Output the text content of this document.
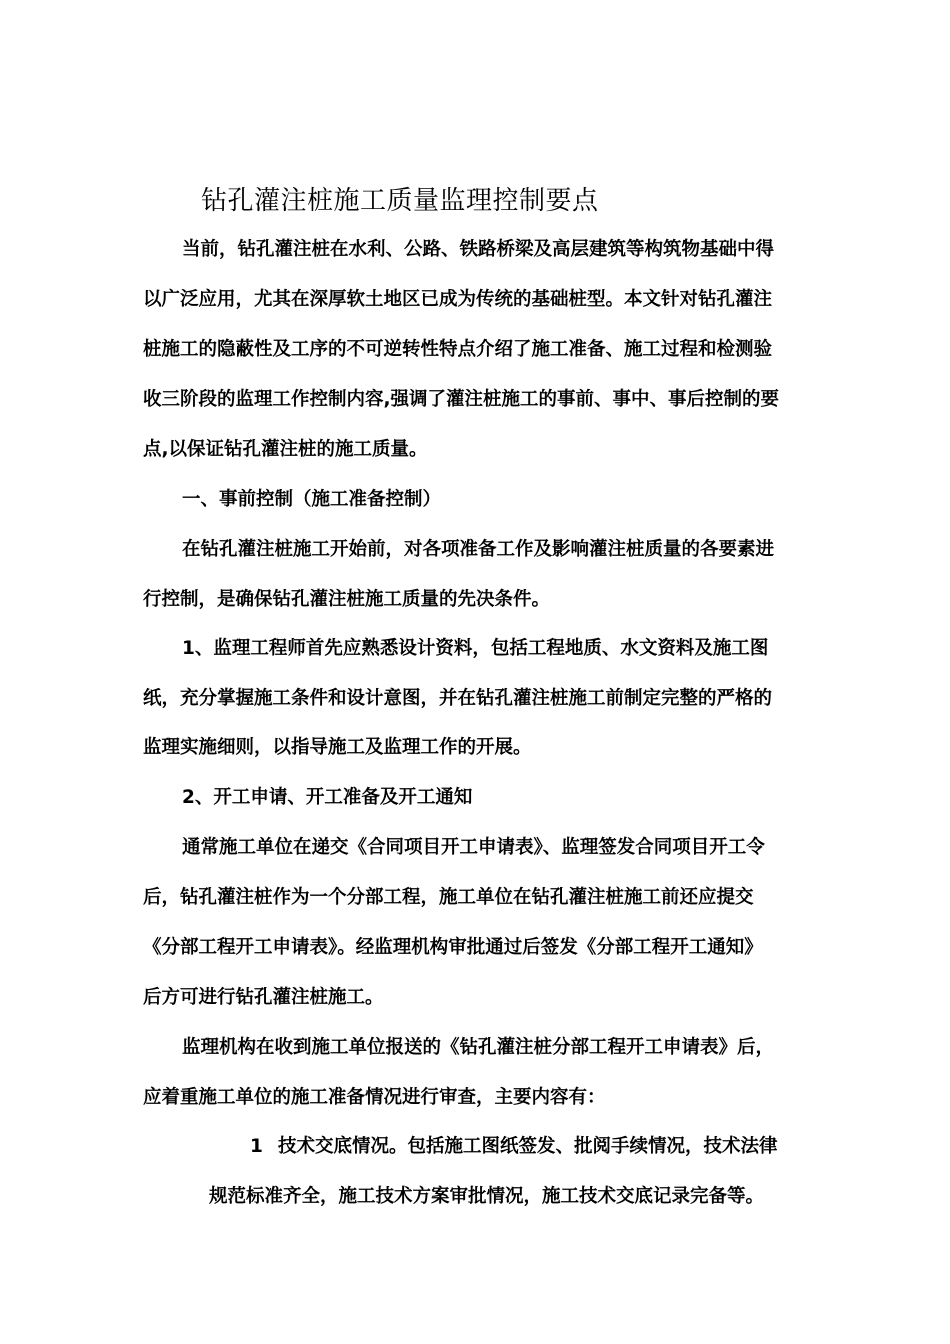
钻孔灌注桩施工质量监理控制要点
当前，钻孔灌注桩在水利、公路、铁路桥梁及高层建筑等构筑物基础中得
以广泛应用，尤其在深厚软土地区已成为传统的基础桩型。本文针对钻孔灌注
桩施工的隐蔽性及工序的不可逆转性特点介绍了施工准备、施工过程和检测验
收三阶段的监理工作控制内容,强调了灌注桩施工的事前、事中、事后控制的要
点,以保证钻孔灌注桩的施工质量。
一、事前控制（施工准备控制）
在钻孔灌注桩施工开始前，对各项准备工作及影响灌注桩质量的各要素进
行控制，是确保钻孔灌注桩施工质量的先决条件。
1、监理工程师首先应熟悉设计资料，包括工程地质、水文资料及施工图
纸，充分掌握施工条件和设计意图，并在钻孔灌注桩施工前制定完整的严格的
监理实施细则，以指导施工及监理工作的开展。
2、开工申请、开工准备及开工通知
通常施工单位在递交《合同项目开工申请表》、监理签发合同项目开工令
后，钻孔灌注桩作为一个分部工程，施工单位在钻孔灌注桩施工前还应提交
《分部工程开工申请表》。经监理机构审批通过后签发《分部工程开工通知》
后方可进行钻孔灌注桩施工。
监理机构在收到施工单位报送的《钻孔灌注桩分部工程开工申请表》后，
应着重施工单位的施工准备情况进行审查，主要内容有：
1 技术交底情况。包括施工图纸签发、批阅手续情况，技术法律
规范标准齐全，施工技术方案审批情况，施工技术交底记录完备等。
